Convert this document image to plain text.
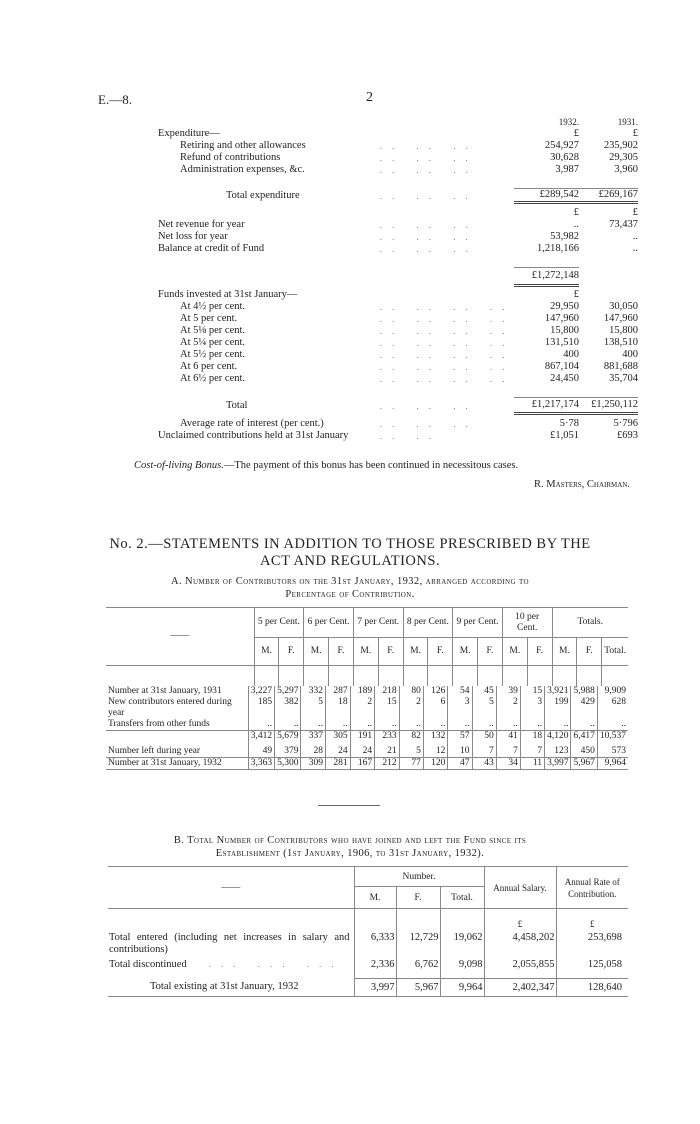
E.—8.	2
		1932.	1931.
Expenditure—		£	£
Retiring and other allowances	.. .. ..	254,927	235,902
Refund of contributions	.. .. ..	30,628	29,305
Administration expenses, &c.	.. .. ..	3,987	3,960

Total expenditure	.. .. ..	£289,542	£269,167
		£	£
Net revenue for year	.. .. ..	..	73,437
Net loss for year	.. .. ..	53,982	..
Balance at credit of Fund	.. .. ..	1,218,166	..

		£1,272,148	
Funds invested at 31st January—		£	
At 4½ per cent.	.. .. .. ..	29,950	30,050
At 5 per cent.	.. .. .. ..	147,960	147,960
At 5⅛ per cent.	.. .. .. ..	15,800	15,800
At 5¼ per cent.	.. .. .. ..	131,510	138,510
At 5½ per cent.	.. .. .. ..	400	400
At 6 per cent.	.. .. .. ..	867,104	881,688
At 6½ per cent.	.. .. .. ..	24,450	35,704

Total	.. .. ..	£1,217,174	£1,250,112
Average rate of interest (per cent.)	.. .. ..	5·78	5·796
Unclaimed contributions held at 31st January	.. ..	£1,051	£693
Cost-of-living Bonus.—The payment of this bonus has been continued in necessitous cases.
R. Masters, Chairman.
No. 2.—STATEMENTS IN ADDITION TO THOSE PRESCRIBED BY THE
ACT AND REGULATIONS.
A. Number of Contributors on the 31st January, 1932, arranged according to
Percentage of Contribution.
——	5 per Cent.		6 per Cent.		7 per Cent.		8 per Cent.		9 per Cent.		10 per Cent.		Totals.		
	M.	F.	M.	F.	M.	F.	M.	F.	M.	F.	M.	F.	M.	F.	Total.

Number at 31st January, 1931	3,227	5,297	332	287	189	218	80	126	54	45	39	15	3,921	5,988	9,909
New contributors entered during year	185	382	5	18	2	15	2	6	3	5	2	3	199	429	628
Transfers from other funds	..	..	..	..	..	..	..	..	..	..	..	..	..	..	..
	3,412	5,679	337	305	191	233	82	132	57	50	41	18	4,120	6,417	10,537
Number left during year	49	379	28	24	24	21	5	12	10	7	7	7	123	450	573
Number at 31st January, 1932	3,363	5,300	309	281	167	212	77	120	47	43	34	11	3,997	5,967	9,964
B. Total Number of Contributors who have joined and left the Fund since its
Establishment (1st January, 1906, to 31st January, 1932).
——	Number.			Annual Salary.	Annual Rate of Contribution.
	M.	F.	Total.		
				£	£
Total entered (including net increases in salary and contributions)	6,333	12,729	19,062	4,458,202	253,698
Total discontinued ... ... ...	2,336	6,762	9,098	2,055,855	125,058

Total existing at 31st January, 1932	3,997	5,967	9,964	2,402,347	128,640
